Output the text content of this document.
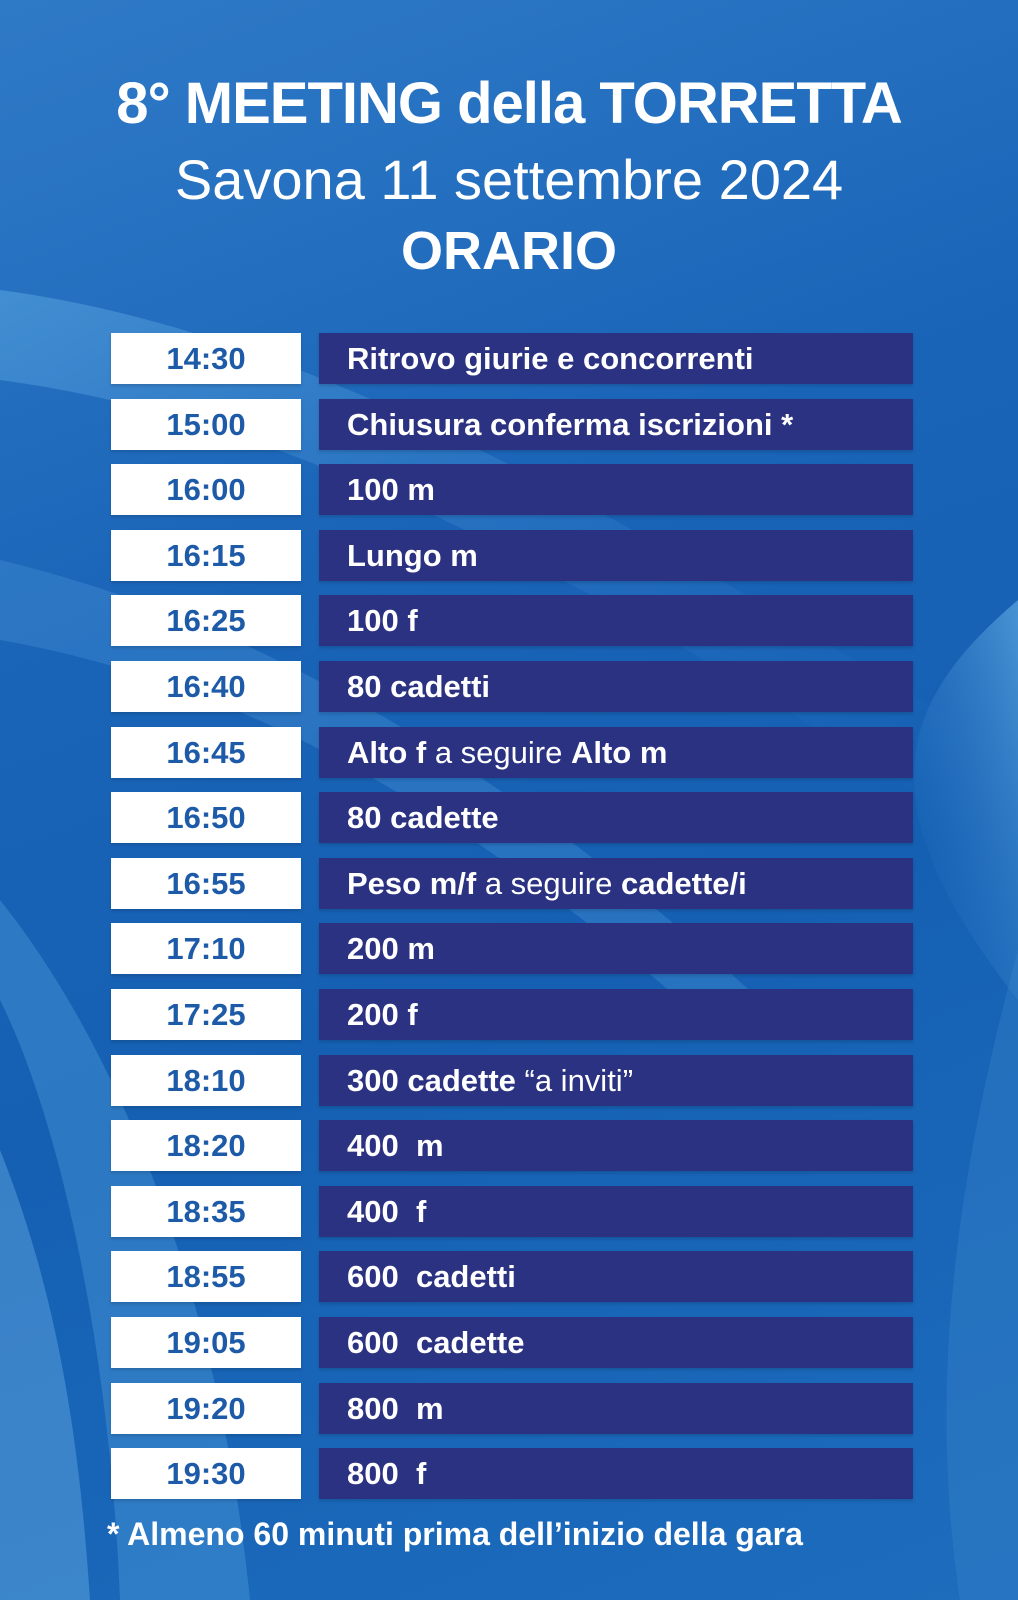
8° MEETING della TORRETTA
Savona 11 settembre 2024
ORARIO
14:30	Ritrovo giurie e concorrenti
15:00	Chiusura conferma iscrizioni *
16:00	100 m
16:15	Lungo m
16:25	100 f
16:40	80 cadetti
16:45	Alto f a seguire Alto m
16:50	80 cadette
16:55	Peso m/f a seguire cadette/i
17:10	200 m
17:25	200 f
18:10	300 cadette “a inviti”
18:20	400  m
18:35	400  f
18:55	600  cadetti
19:05	600  cadette
19:20	800  m
19:30	800  f
* Almeno 60 minuti prima dell’inizio della gara
